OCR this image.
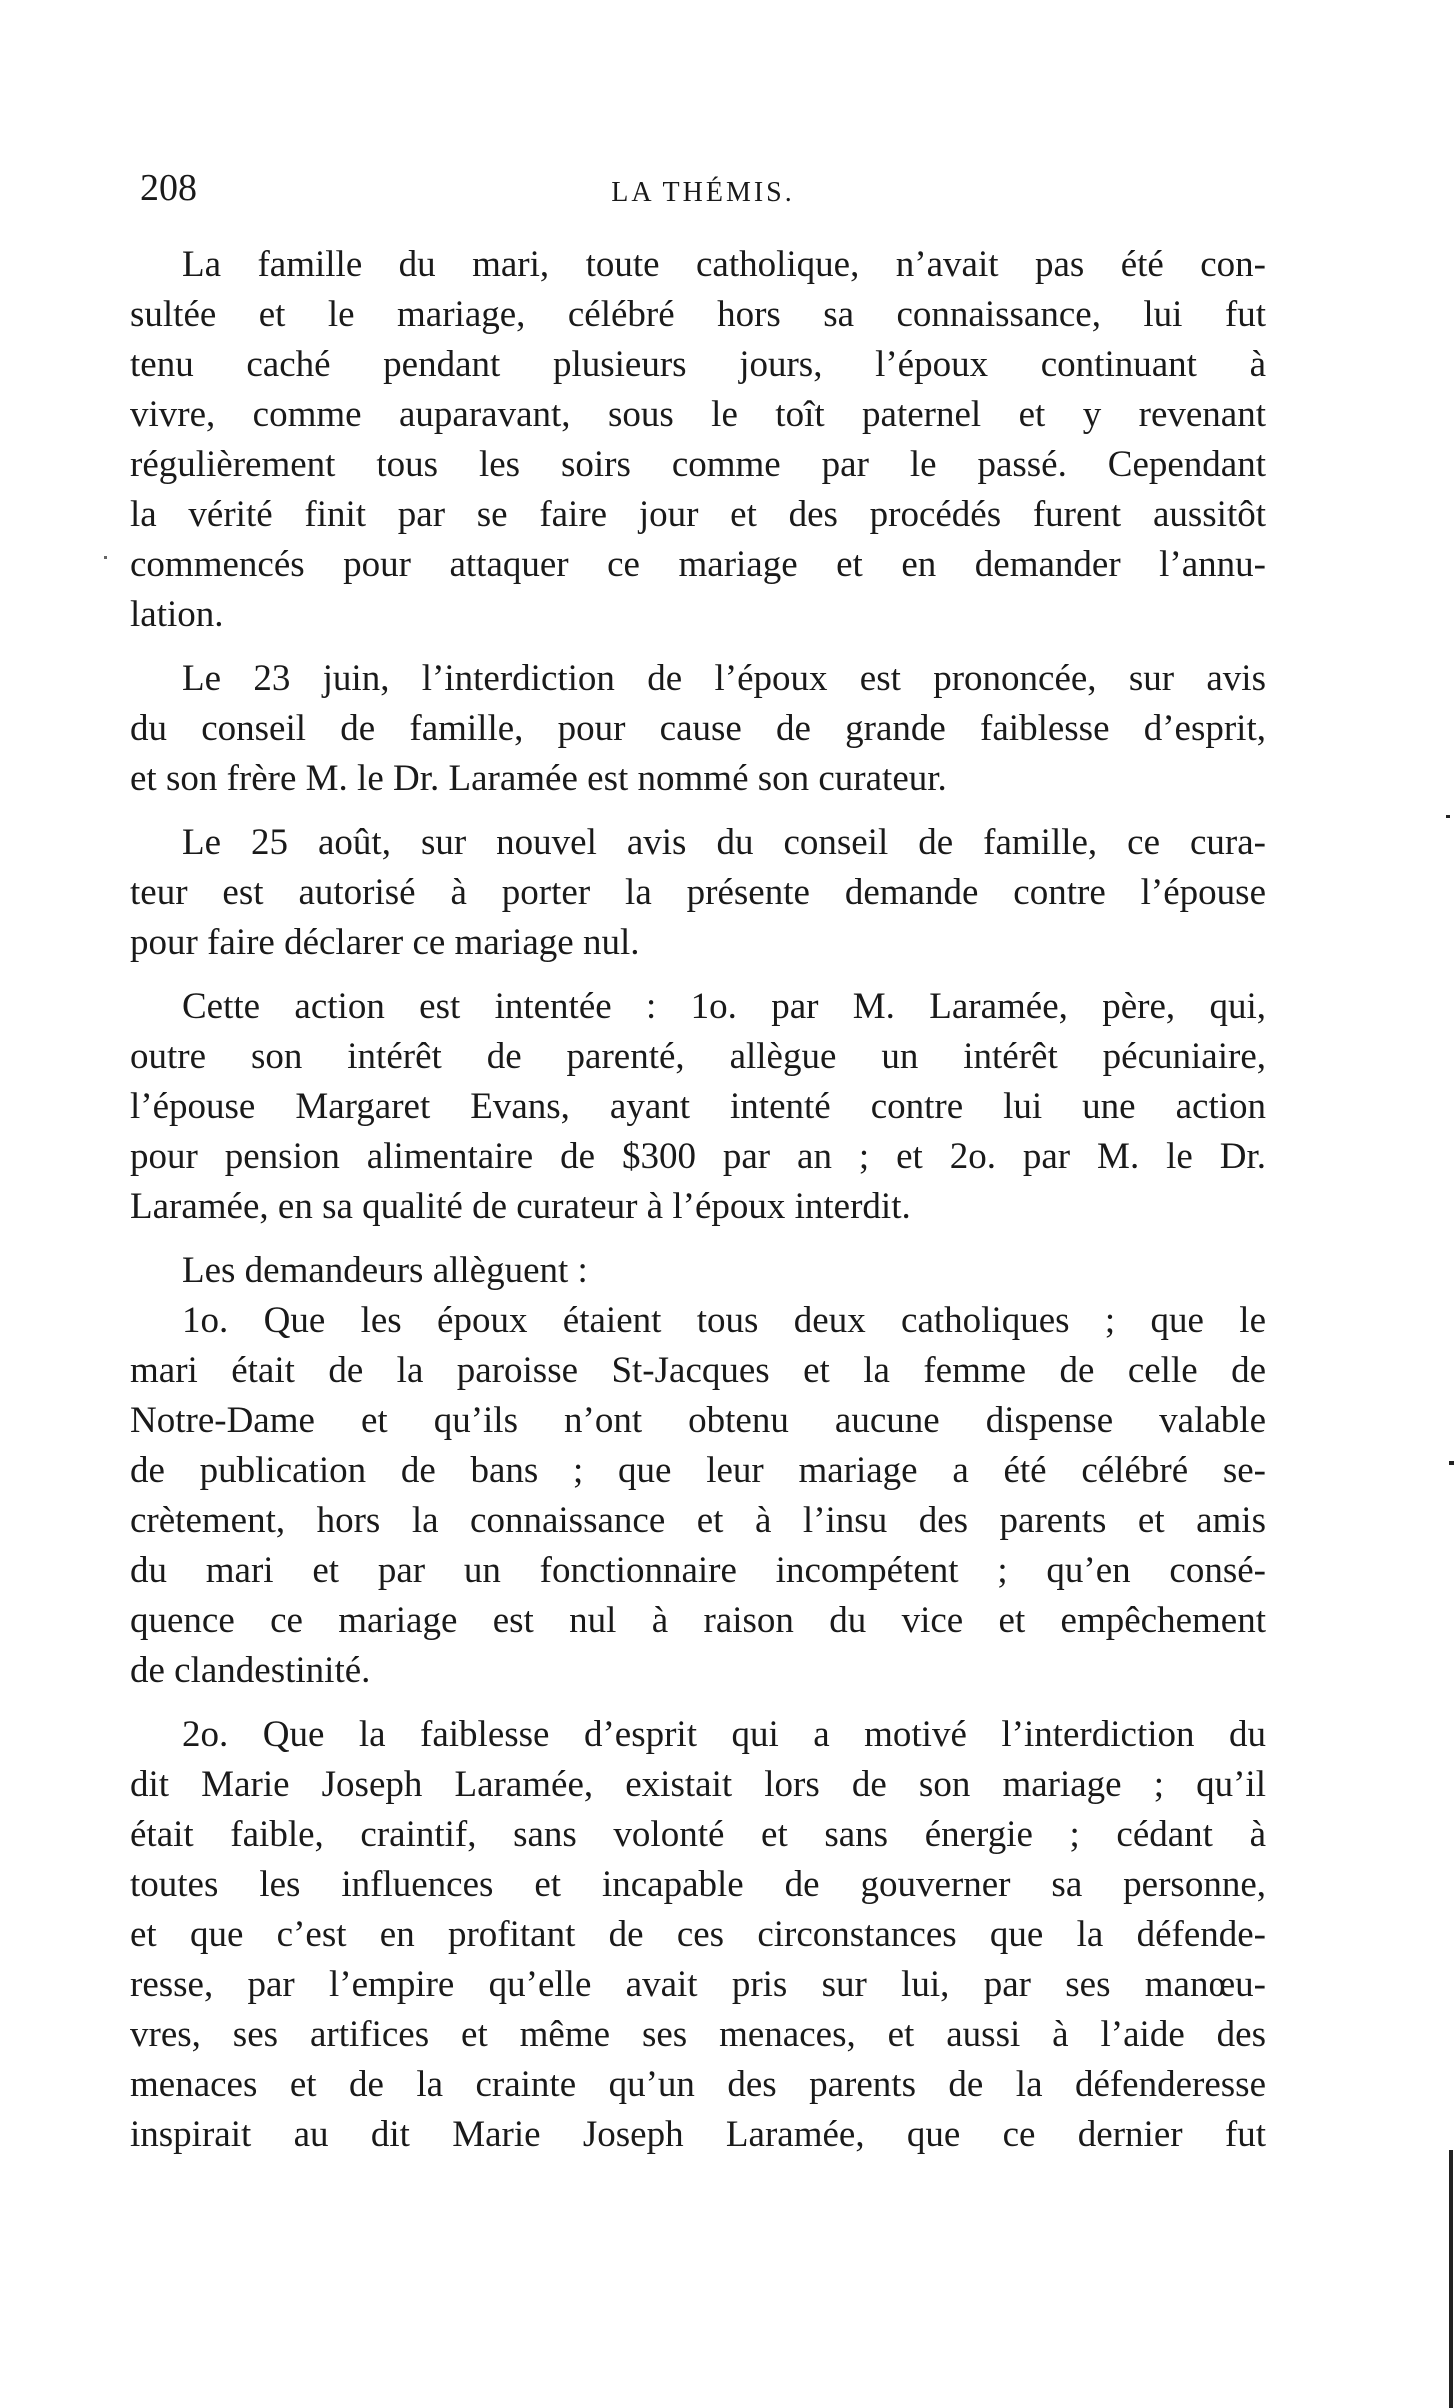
208	LA THÉMIS.
La famille du mari, toute catholique, n’avait pas été con-
sultée et le mariage, célébré hors sa connaissance, lui fut
tenu caché pendant plusieurs jours, l’époux continuant à
vivre, comme auparavant, sous le toît paternel et y revenant
régulièrement tous les soirs comme par le passé. Cependant
la vérité finit par se faire jour et des procédés furent aussitôt
commencés pour attaquer ce mariage et en demander l’annu-
lation.
Le 23 juin, l’interdiction de l’époux est prononcée, sur avis
du conseil de famille, pour cause de grande faiblesse d’esprit,
et son frère M. le Dr. Laramée est nommé son curateur.
Le 25 août, sur nouvel avis du conseil de famille, ce cura-
teur est autorisé à porter la présente demande contre l’épouse
pour faire déclarer ce mariage nul.
Cette action est intentée : 1o. par M. Laramée, père, qui,
outre son intérêt de parenté, allègue un intérêt pécuniaire,
l’épouse Margaret Evans, ayant intenté contre lui une action
pour pension alimentaire de $300 par an ; et 2o. par M. le Dr.
Laramée, en sa qualité de curateur à l’époux interdit.
Les demandeurs allèguent :
1o. Que les époux étaient tous deux catholiques ; que le
mari était de la paroisse St-Jacques et la femme de celle de
Notre-Dame et qu’ils n’ont obtenu aucune dispense valable
de publication de bans ; que leur mariage a été célébré se-
crètement, hors la connaissance et à l’insu des parents et amis
du mari et par un fonctionnaire incompétent ; qu’en consé-
quence ce mariage est nul à raison du vice et empêchement
de clandestinité.
2o. Que la faiblesse d’esprit qui a motivé l’interdiction du
dit Marie Joseph Laramée, existait lors de son mariage ; qu’il
était faible, craintif, sans volonté et sans énergie ; cédant à
toutes les influences et incapable de gouverner sa personne,
et que c’est en profitant de ces circonstances que la défende-
resse, par l’empire qu’elle avait pris sur lui, par ses manœu-
vres, ses artifices et même ses menaces, et aussi à l’aide des
menaces et de la crainte qu’un des parents de la défenderesse
inspirait au dit Marie Joseph Laramée, que ce dernier fut
